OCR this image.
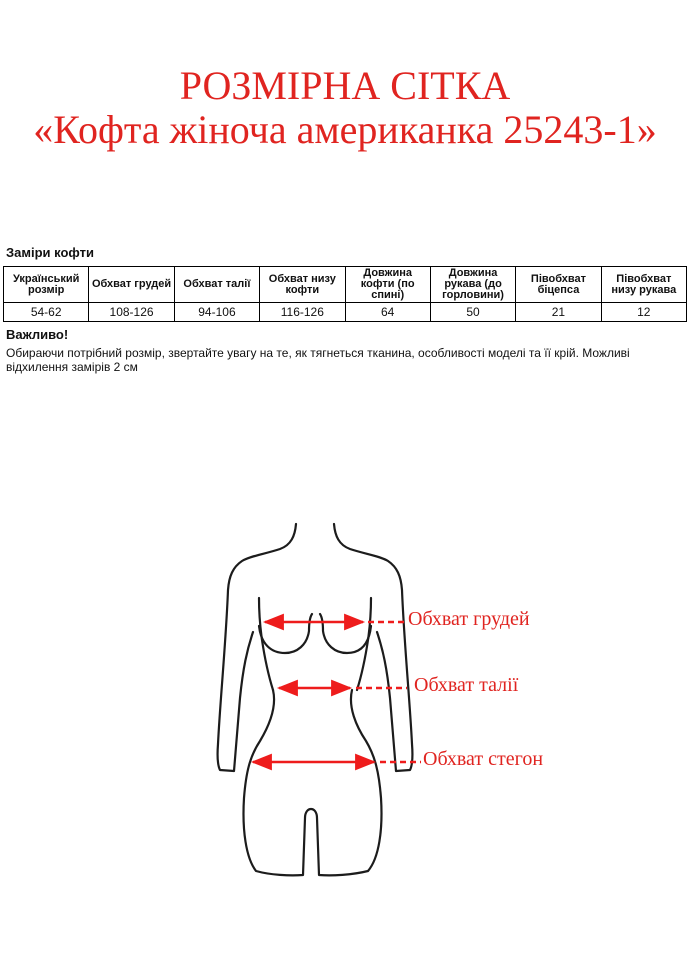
РОЗМІРНА СІТКА
«Кофта жіноча американка 25243-1»
Заміри кофти
Український розмір	Обхват грудей	Обхват талії	Обхват низу кофти	Довжина кофти (по спині)	Довжина рукава (до горловини)	Півобхват біцепса	Півобхват низу рукава
54-62	108-126	94-106	116-126	64	50	21	12
Важливо!
Обираючи потрібний розмір, звертайте увагу на те, як тягнеться тканина, особливості моделі та її крій. Можливі відхилення замірів 2 см
Обхват грудей
Обхват талії
Обхват стегон
